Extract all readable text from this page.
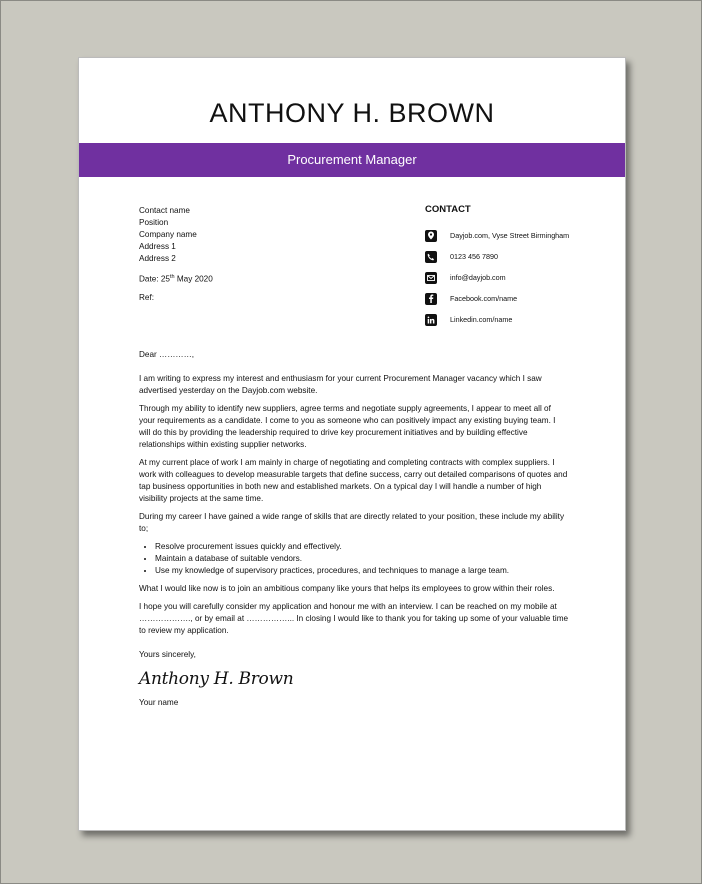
ANTHONY H. BROWN
Procurement Manager
Contact name
Position
Company name
Address 1
Address 2
Date: 25th May 2020
Ref:
CONTACT
Dayjob.com, Vyse Street Birmingham
0123 456 7890
info@dayjob.com
Facebook.com/name
Linkedin.com/name

Dear …………,

I am writing to express my interest and enthusiasm for your current Procurement Manager vacancy which I saw advertised yesterday on the Dayjob.com website.

Through my ability to identify new suppliers, agree terms and negotiate supply agreements, I appear to meet all of your requirements as a candidate. I come to you as someone who can positively impact any existing buying team. I will do this by providing the leadership required to drive key procurement initiatives and by building effective relationships within existing supplier networks.

At my current place of work I am mainly in charge of negotiating and completing contracts with complex suppliers. I work with colleagues to develop measurable targets that define success, carry out detailed comparisons of quotes and tap business opportunities in both new and established markets. On a typical day I will handle a number of high visibility projects at the same time.

During my career I have gained a wide range of skills that are directly related to your position, these include my ability to;

• Resolve procurement issues quickly and effectively.
• Maintain a database of suitable vendors.
• Use my knowledge of supervisory practices, procedures, and techniques to manage a large team.

What I would like now is to join an ambitious company like yours that helps its employees to grow within their roles.

I hope you will carefully consider my application and honour me with an interview. I can be reached on my mobile at ………………., or by email at ……………... In closing I would like to thank you for taking up some of your valuable time to review my application.

Yours sincerely,

Anthony H. Brown

Your name
